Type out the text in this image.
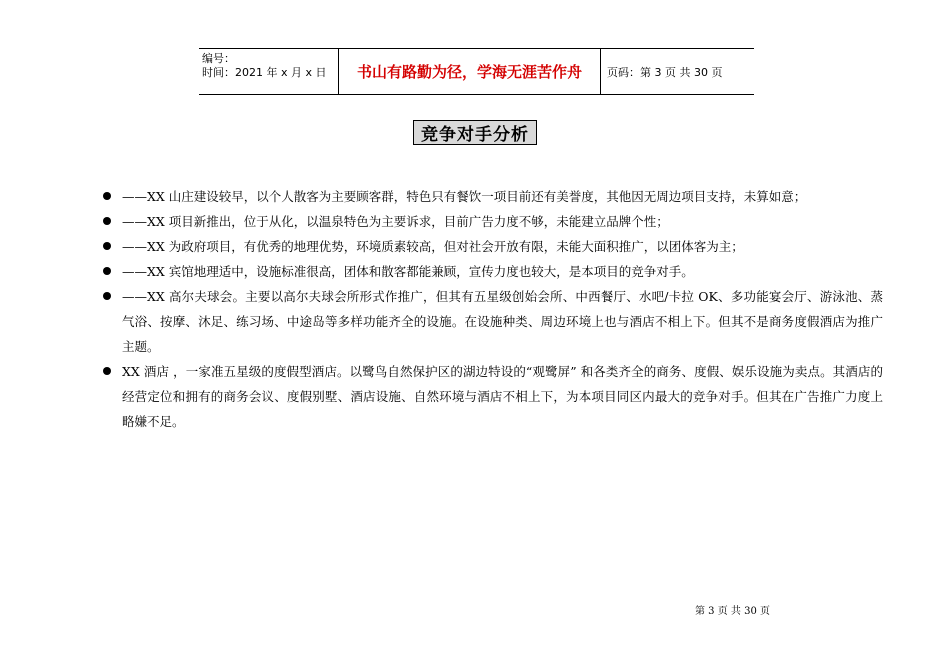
编号：
时间：2021 年 x 月 x 日	书山有路勤为径，学海无涯苦作舟	页码：第 3 页 共 30 页
竞争对手分析
——XX 山庄建设较早，以个人散客为主要顾客群，特色只有餐饮一项目前还有美誉度，其他因无周边项目支持，未算如意；
——XX 项目新推出，位于从化，以温泉特色为主要诉求，目前广告力度不够，未能建立品牌个性；
——XX 为政府项目，有优秀的地理优势，环境质素较高，但对社会开放有限，未能大面积推广，以团体客为主；
——XX 宾馆地理适中，设施标准很高，团体和散客都能兼顾，宣传力度也较大，是本项目的竞争对手。
——XX 高尔夫球会。主要以高尔夫球会所形式作推广，但其有五星级创始会所、中西餐厅、水吧/卡拉 OK、多功能宴会厅、游泳池、蒸气浴、按摩、沐足、练习场、中途岛等多样功能齐全的设施。在设施种类、周边环境上也与酒店不相上下。但其不是商务度假酒店为推广主题。
XX 酒店 ，一家准五星级的度假型酒店。以鹭鸟自然保护区的湖边特设的“观鹭屏” 和各类齐全的商务、度假、娱乐设施为卖点。其酒店的经营定位和拥有的商务会议、度假别墅、酒店设施、自然环境与酒店不相上下，为本项目同区内最大的竞争对手。但其在广告推广力度上略嫌不足。
第 3 页 共 30 页
